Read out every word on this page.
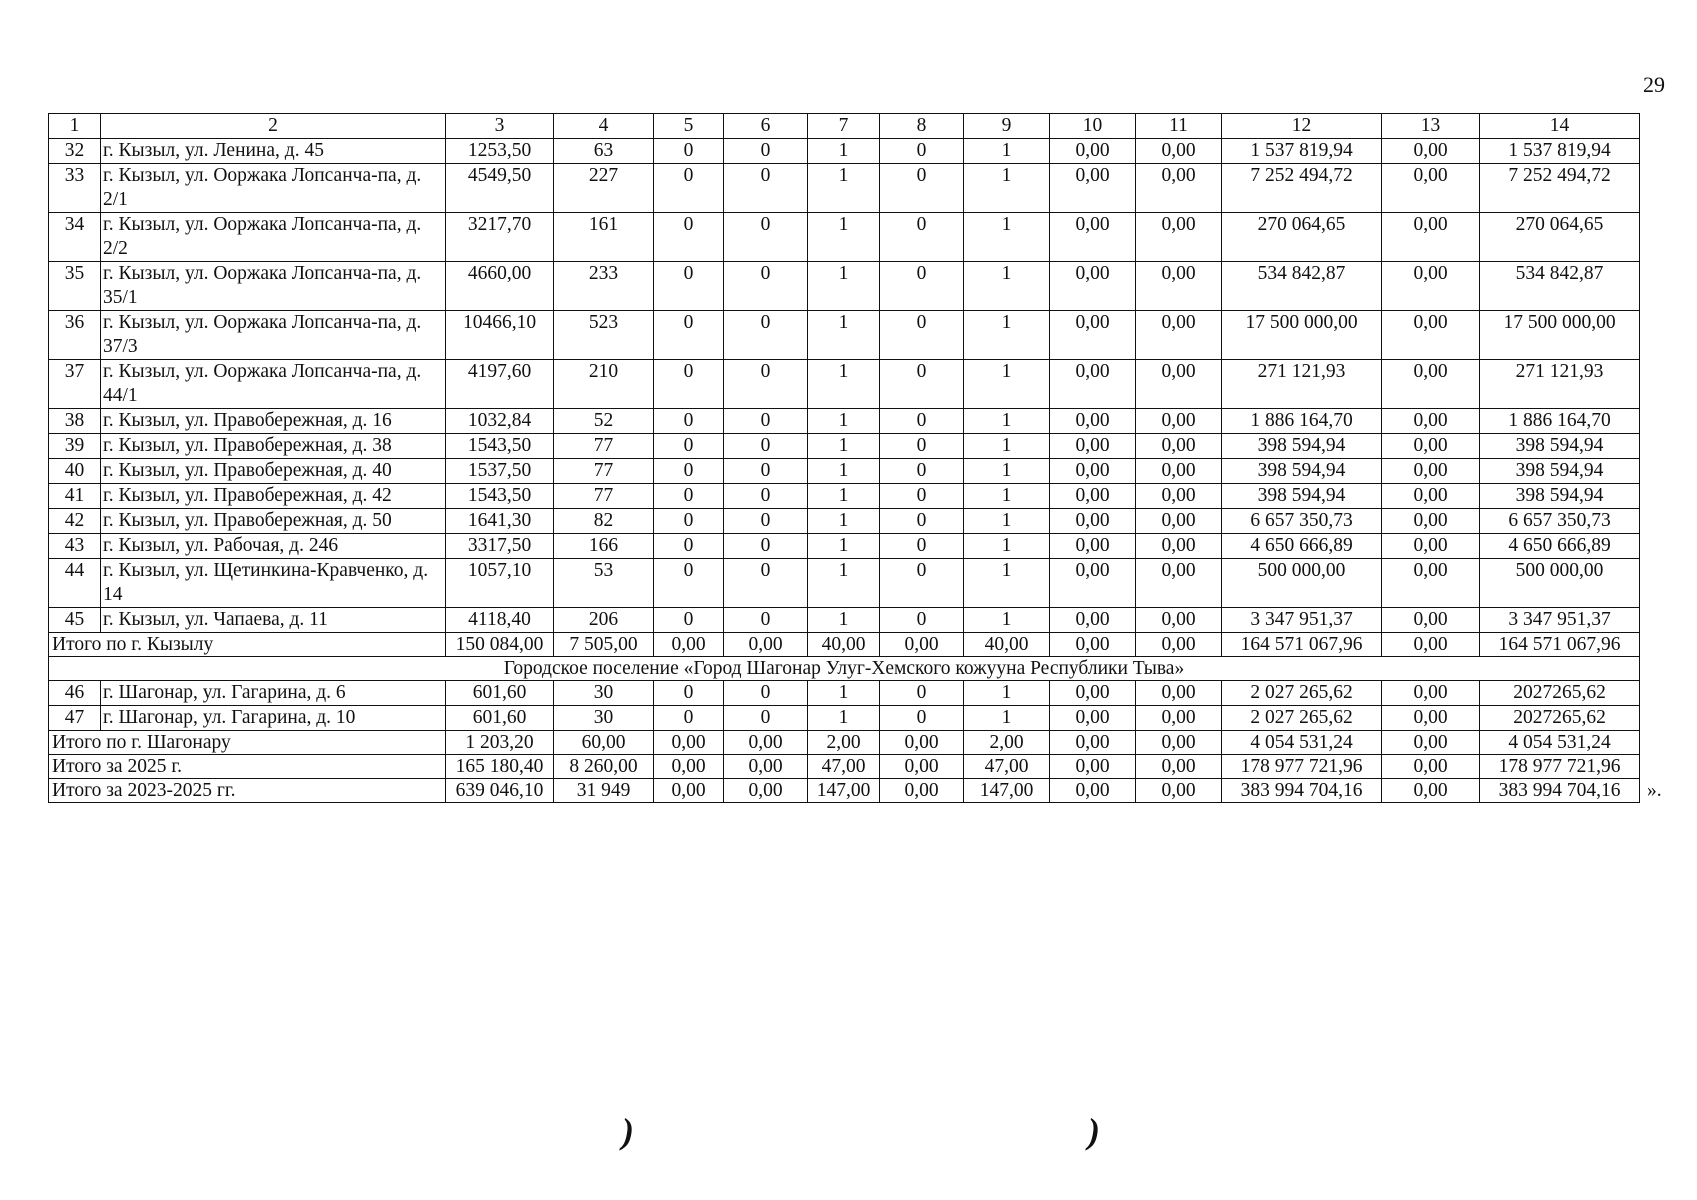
29
1	2	3	4	5	6	7	8	9	10	11	12	13	14
32	г. Кызыл, ул. Ленина, д. 45	1253,50	63	0	0	1	0	1	0,00	0,00	1 537 819,94	0,00	1 537 819,94
33	г. Кызыл, ул. Ооржака Лопсанча-па, д. 2/1	4549,50	227	0	0	1	0	1	0,00	0,00	7 252 494,72	0,00	7 252 494,72
34	г. Кызыл, ул. Ооржака Лопсанча-па, д. 2/2	3217,70	161	0	0	1	0	1	0,00	0,00	270 064,65	0,00	270 064,65
35	г. Кызыл, ул. Ооржака Лопсанча-па, д. 35/1	4660,00	233	0	0	1	0	1	0,00	0,00	534 842,87	0,00	534 842,87
36	г. Кызыл, ул. Ооржака Лопсанча-па, д. 37/3	10466,10	523	0	0	1	0	1	0,00	0,00	17 500 000,00	0,00	17 500 000,00
37	г. Кызыл, ул. Ооржака Лопсанча-па, д. 44/1	4197,60	210	0	0	1	0	1	0,00	0,00	271 121,93	0,00	271 121,93
38	г. Кызыл, ул. Правобережная, д. 16	1032,84	52	0	0	1	0	1	0,00	0,00	1 886 164,70	0,00	1 886 164,70
39	г. Кызыл, ул. Правобережная, д. 38	1543,50	77	0	0	1	0	1	0,00	0,00	398 594,94	0,00	398 594,94
40	г. Кызыл, ул. Правобережная, д. 40	1537,50	77	0	0	1	0	1	0,00	0,00	398 594,94	0,00	398 594,94
41	г. Кызыл, ул. Правобережная, д. 42	1543,50	77	0	0	1	0	1	0,00	0,00	398 594,94	0,00	398 594,94
42	г. Кызыл, ул. Правобережная, д. 50	1641,30	82	0	0	1	0	1	0,00	0,00	6 657 350,73	0,00	6 657 350,73
43	г. Кызыл, ул. Рабочая, д. 246	3317,50	166	0	0	1	0	1	0,00	0,00	4 650 666,89	0,00	4 650 666,89
44	г. Кызыл, ул. Щетинкина-Кравченко, д. 14	1057,10	53	0	0	1	0	1	0,00	0,00	500 000,00	0,00	500 000,00
45	г. Кызыл, ул. Чапаева, д. 11	4118,40	206	0	0	1	0	1	0,00	0,00	3 347 951,37	0,00	3 347 951,37
Итого по г. Кызылу		150 084,00	7 505,00	0,00	0,00	40,00	0,00	40,00	0,00	0,00	164 571 067,96	0,00	164 571 067,96
Городское поселение «Город Шагонар Улуг-Хемского кожууна Республики Тыва»													
46	г. Шагонар, ул. Гагарина, д. 6	601,60	30	0	0	1	0	1	0,00	0,00	2 027 265,62	0,00	2027265,62
47	г. Шагонар, ул. Гагарина, д. 10	601,60	30	0	0	1	0	1	0,00	0,00	2 027 265,62	0,00	2027265,62
Итого по г. Шагонару		1 203,20	60,00	0,00	0,00	2,00	0,00	2,00	0,00	0,00	4 054 531,24	0,00	4 054 531,24
Итого за 2025 г.		165 180,40	8 260,00	0,00	0,00	47,00	0,00	47,00	0,00	0,00	178 977 721,96	0,00	178 977 721,96
Итого за 2023-2025 гг.		639 046,10	31 949	0,00	0,00	147,00	0,00	147,00	0,00	0,00	383 994 704,16	0,00	383 994 704,16 ».
)	)
